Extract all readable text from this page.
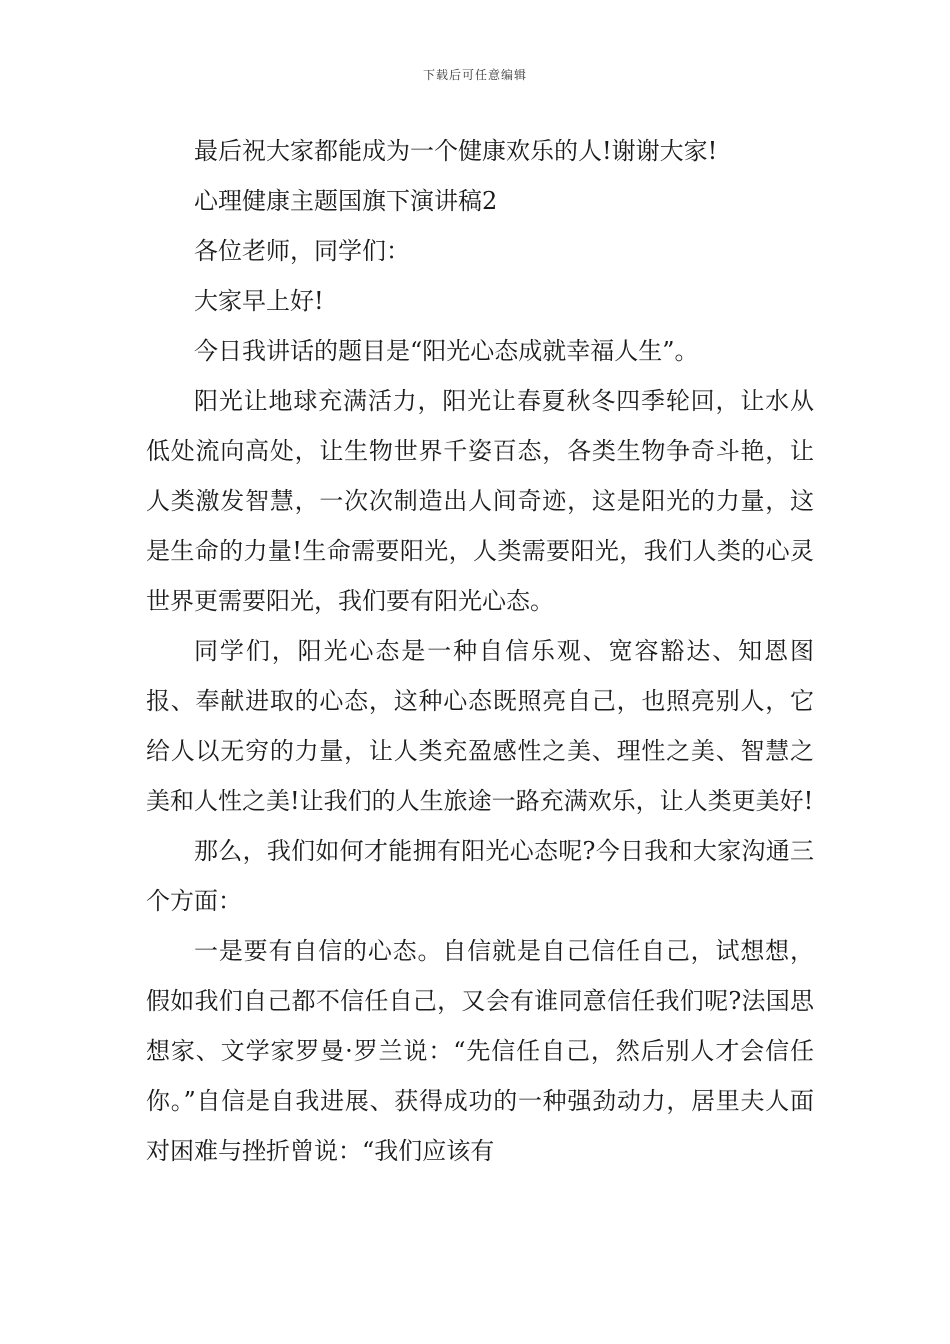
下载后可任意编辑

最后祝大家都能成为一个健康欢乐的人!谢谢大家!

心理健康主题国旗下演讲稿2

各位老师，同学们：

大家早上好!

今日我讲话的题目是“阳光心态成就幸福人生”。

阳光让地球充满活力，阳光让春夏秋冬四季轮回，让水从低处流向高处，让生物世界千姿百态，各类生物争奇斗艳，让人类激发智慧，一次次制造出人间奇迹，这是阳光的力量，这是生命的力量!生命需要阳光，人类需要阳光，我们人类的心灵世界更需要阳光，我们要有阳光心态。

同学们，阳光心态是一种自信乐观、宽容豁达、知恩图报、奉献进取的心态，这种心态既照亮自己，也照亮别人，它给人以无穷的力量，让人类充盈感性之美、理性之美、智慧之美和人性之美!让我们的人生旅途一路充满欢乐，让人类更美好!

那么，我们如何才能拥有阳光心态呢?今日我和大家沟通三个方面：

一是要有自信的心态。自信就是自己信任自己，试想想，假如我们自己都不信任自己，又会有谁同意信任我们呢?法国思想家、文学家罗曼·罗兰说：“先信任自己，然后别人才会信任你。”自信是自我进展、获得成功的一种强劲动力，居里夫人面对困难与挫折曾说：“我们应该有
